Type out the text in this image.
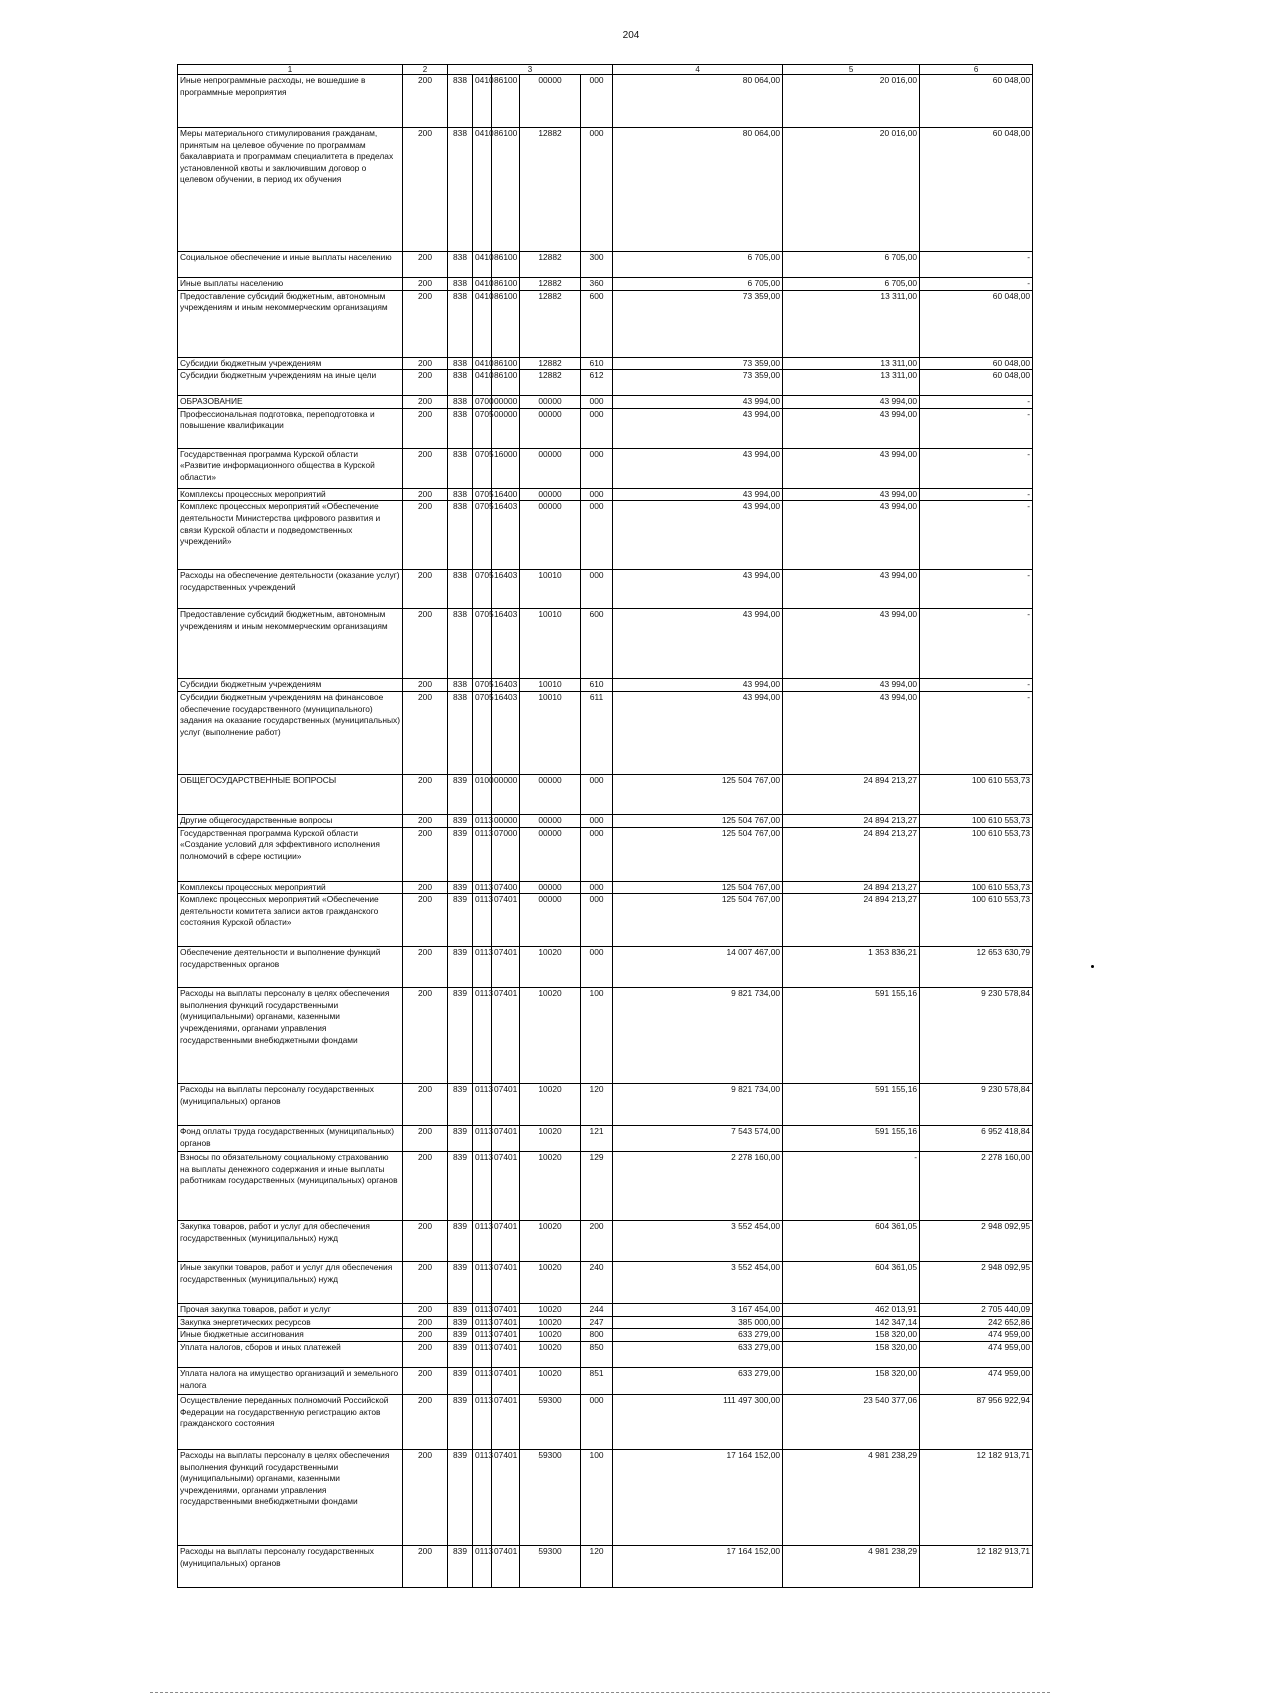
204
1	2	3					4	5	6
Иные непрограммные расходы, не вошедшие в программные мероприятия	200	838	0410	86100	00000	000	80 064,00	20 016,00	60 048,00
Меры материального стимулирования гражданам, принятым на целевое обучение по программам бакалавриата и программам специалитета в пределах установленной квоты и заключившим договор о целевом обучении, в период их обучения	200	838	0410	86100	12882	000	80 064,00	20 016,00	60 048,00
Социальное обеспечение и иные выплаты населению	200	838	0410	86100	12882	300	6 705,00	6 705,00	-
Иные выплаты населению	200	838	0410	86100	12882	360	6 705,00	6 705,00	-
Предоставление субсидий бюджетным, автономным учреждениям и иным некоммерческим организациям	200	838	0410	86100	12882	600	73 359,00	13 311,00	60 048,00
Субсидии бюджетным учреждениям	200	838	0410	86100	12882	610	73 359,00	13 311,00	60 048,00
Субсидии бюджетным учреждениям на иные цели	200	838	0410	86100	12882	612	73 359,00	13 311,00	60 048,00
ОБРАЗОВАНИЕ	200	838	0700	00000	00000	000	43 994,00	43 994,00	-
Профессиональная подготовка, переподготовка и повышение квалификации	200	838	0705	00000	00000	000	43 994,00	43 994,00	-
Государственная программа Курской области «Развитие информационного общества в Курской области»	200	838	0705	16000	00000	000	43 994,00	43 994,00	-
Комплексы процессных мероприятий	200	838	0705	16400	00000	000	43 994,00	43 994,00	-
Комплекс процессных мероприятий «Обеспечение деятельности Министерства цифрового развития и связи Курской области и подведомственных учреждений»	200	838	0705	16403	00000	000	43 994,00	43 994,00	-
Расходы на обеспечение деятельности (оказание услуг) государственных учреждений	200	838	0705	16403	10010	000	43 994,00	43 994,00	-
Предоставление субсидий бюджетным, автономным учреждениям и иным некоммерческим организациям	200	838	0705	16403	10010	600	43 994,00	43 994,00	-
Субсидии бюджетным учреждениям	200	838	0705	16403	10010	610	43 994,00	43 994,00	-
Субсидии бюджетным учреждениям на финансовое обеспечение государственного (муниципального) задания на оказание государственных (муниципальных) услуг (выполнение работ)	200	838	0705	16403	10010	611	43 994,00	43 994,00	-
ОБЩЕГОСУДАРСТВЕННЫЕ ВОПРОСЫ	200	839	0100	00000	00000	000	125 504 767,00	24 894 213,27	100 610 553,73
Другие общегосударственные вопросы	200	839	0113	00000	00000	000	125 504 767,00	24 894 213,27	100 610 553,73
Государственная программа Курской области «Создание условий для эффективного исполнения полномочий в сфере юстиции»	200	839	0113	07000	00000	000	125 504 767,00	24 894 213,27	100 610 553,73
Комплексы процессных мероприятий	200	839	0113	07400	00000	000	125 504 767,00	24 894 213,27	100 610 553,73
Комплекс процессных мероприятий «Обеспечение деятельности комитета записи актов гражданского состояния Курской области»	200	839	0113	07401	00000	000	125 504 767,00	24 894 213,27	100 610 553,73
Обеспечение деятельности и выполнение функций государственных органов	200	839	0113	07401	10020	000	14 007 467,00	1 353 836,21	12 653 630,79
Расходы на выплаты персоналу в целях обеспечения выполнения функций государственными (муниципальными) органами, казенными учреждениями, органами управления государственными внебюджетными фондами	200	839	0113	07401	10020	100	9 821 734,00	591 155,16	9 230 578,84
Расходы на выплаты персоналу государственных (муниципальных) органов	200	839	0113	07401	10020	120	9 821 734,00	591 155,16	9 230 578,84
Фонд оплаты труда государственных (муниципальных) органов	200	839	0113	07401	10020	121	7 543 574,00	591 155,16	6 952 418,84
Взносы по обязательному социальному страхованию на выплаты денежного содержания и иные выплаты работникам государственных (муниципальных) органов	200	839	0113	07401	10020	129	2 278 160,00	-	2 278 160,00
Закупка товаров, работ и услуг для обеспечения государственных (муниципальных) нужд	200	839	0113	07401	10020	200	3 552 454,00	604 361,05	2 948 092,95
Иные закупки товаров, работ и услуг для обеспечения государственных (муниципальных) нужд	200	839	0113	07401	10020	240	3 552 454,00	604 361,05	2 948 092,95
Прочая закупка товаров, работ и услуг	200	839	0113	07401	10020	244	3 167 454,00	462 013,91	2 705 440,09
Закупка энергетических ресурсов	200	839	0113	07401	10020	247	385 000,00	142 347,14	242 652,86
Иные бюджетные ассигнования	200	839	0113	07401	10020	800	633 279,00	158 320,00	474 959,00
Уплата налогов, сборов и иных платежей	200	839	0113	07401	10020	850	633 279,00	158 320,00	474 959,00
Уплата налога на имущество организаций и земельного налога	200	839	0113	07401	10020	851	633 279,00	158 320,00	474 959,00
Осуществление переданных полномочий Российской Федерации на государственную регистрацию актов гражданского состояния	200	839	0113	07401	59300	000	111 497 300,00	23 540 377,06	87 956 922,94
Расходы на выплаты персоналу в целях обеспечения выполнения функций государственными (муниципальными) органами, казенными учреждениями, органами управления государственными внебюджетными фондами	200	839	0113	07401	59300	100	17 164 152,00	4 981 238,29	12 182 913,71
Расходы на выплаты персоналу государственных (муниципальных) органов	200	839	0113	07401	59300	120	17 164 152,00	4 981 238,29	12 182 913,71
